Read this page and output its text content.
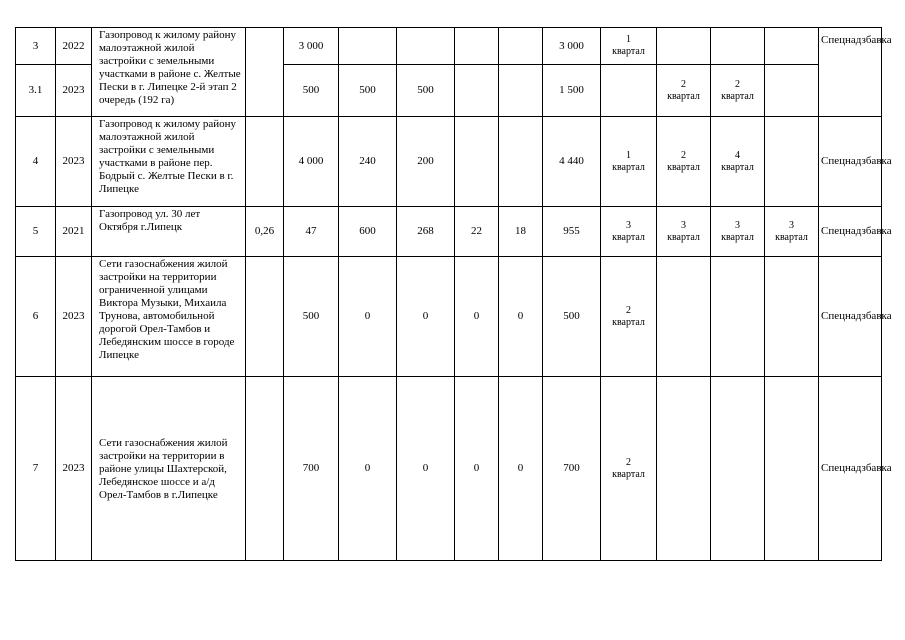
3	2022	Газопровод к жилому району малоэтажной жилой застройки с земельными участками в районе с. Желтые Пески в г. Липецке 2-й этап 2 очередь (192 га)		3 000					3 000	1
квартал				Спецнадзбавка
3.1	2023			500	500	500			1 500		2
квартал	2
квартал		

4	2023	Газопровод к жилому району малоэтажной жилой застройки с земельными участками в районе пер. Бодрый с. Желтые Пески в г. Липецке		4 000	240	200			4 440	1
квартал	2
квартал	4
квартал		Спецнадзбавка
5	2021	Газопровод ул. 30 лет Октября г.Липецк	0,26	47	600	268	22	18	955	3
квартал	3
квартал	3
квартал	3
квартал	Спецнадзбавка
6	2023	Сети газоснабжения жилой застройки на территории ограниченной улицами Виктора Музыки, Михаила Трунова, автомобильной дорогой Орел-Тамбов и Лебедянским шоссе в городе Липецке		500	0	0	0	0	500	2
квартал				Спецнадзбавка
7	2023	Сети газоснабжения жилой застройки на территории в районе улицы Шахтерской, Лебедянское шоссе и а/д Орел-Тамбов в г.Липецке		700	0	0	0	0	700	2
квартал				Спецнадзбавка
